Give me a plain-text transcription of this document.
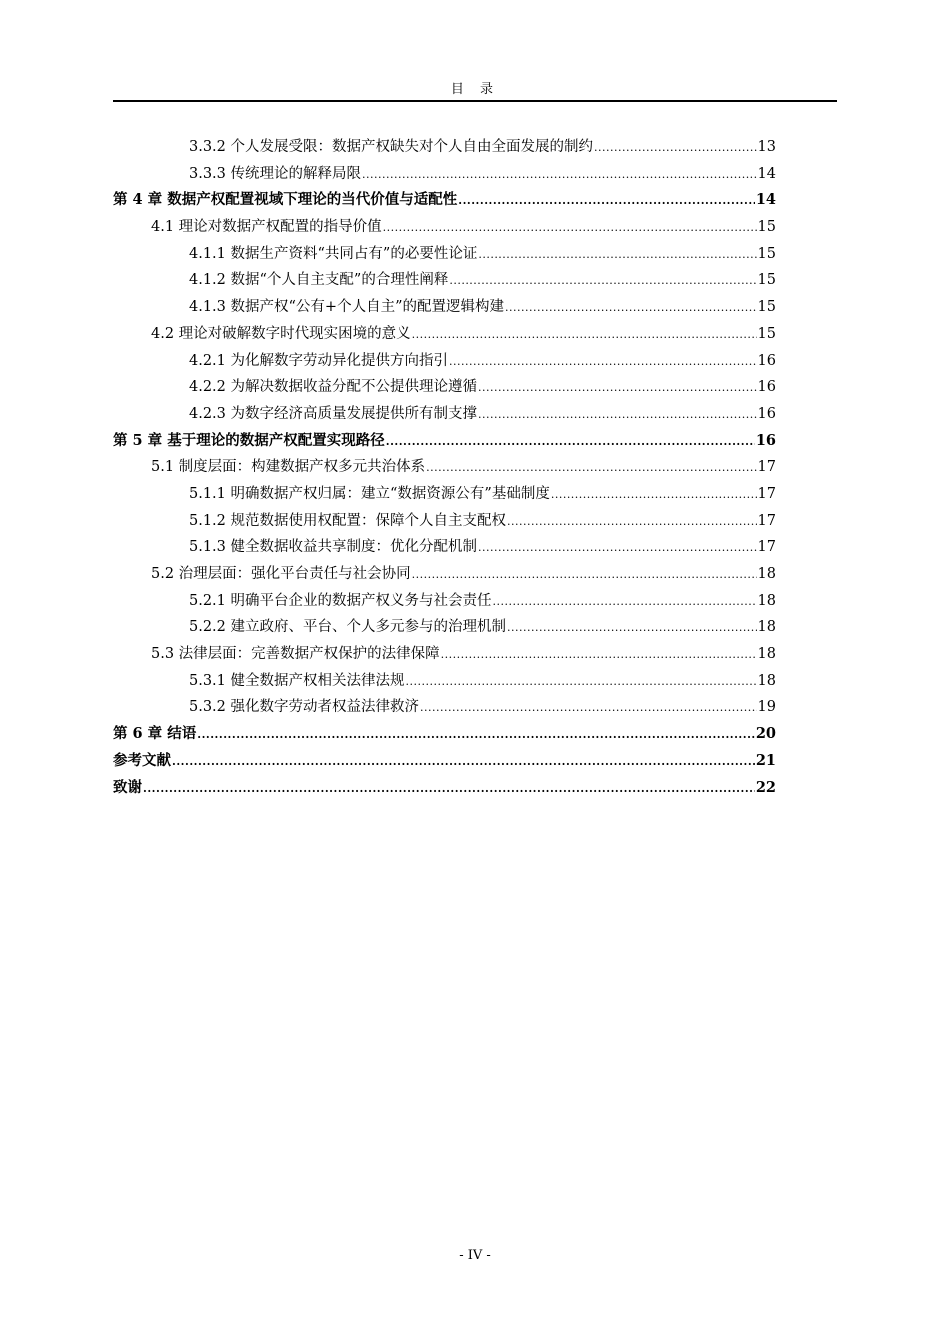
目 录
3.3.2 个人发展受限：数据产权缺失对个人自由全面发展的制约 .....	13
3.3.3 传统理论的解释局限 .....	14
第 4 章 数据产权配置视域下理论的当代价值与适配性 .....	14
4.1 理论对数据产权配置的指导价值 .....	15
4.1.1 数据生产资料“共同占有”的必要性论证 .....	15
4.1.2 数据“个人自主支配”的合理性阐释 .....	15
4.1.3 数据产权“公有+个人自主”的配置逻辑构建 .....	15
4.2 理论对破解数字时代现实困境的意义 .....	15
4.2.1 为化解数字劳动异化提供方向指引 .....	16
4.2.2 为解决数据收益分配不公提供理论遵循 .....	16
4.2.3 为数字经济高质量发展提供所有制支撑 .....	16
第 5 章 基于理论的数据产权配置实现路径 .....	16
5.1 制度层面：构建数据产权多元共治体系 .....	17
5.1.1 明确数据产权归属：建立“数据资源公有”基础制度 .....	17
5.1.2 规范数据使用权配置：保障个人自主支配权 .....	17
5.1.3 健全数据收益共享制度：优化分配机制 .....	17
5.2 治理层面：强化平台责任与社会协同 .....	18
5.2.1 明确平台企业的数据产权义务与社会责任 .....	18
5.2.2 建立政府、平台、个人多元参与的治理机制 .....	18
5.3 法律层面：完善数据产权保护的法律保障 .....	18
5.3.1 健全数据产权相关法律法规 .....	18
5.3.2 强化数字劳动者权益法律救济 .....	19
第 6 章 结语 .....	20
参考文献 .....	21
致谢 .....	22
- IV -
